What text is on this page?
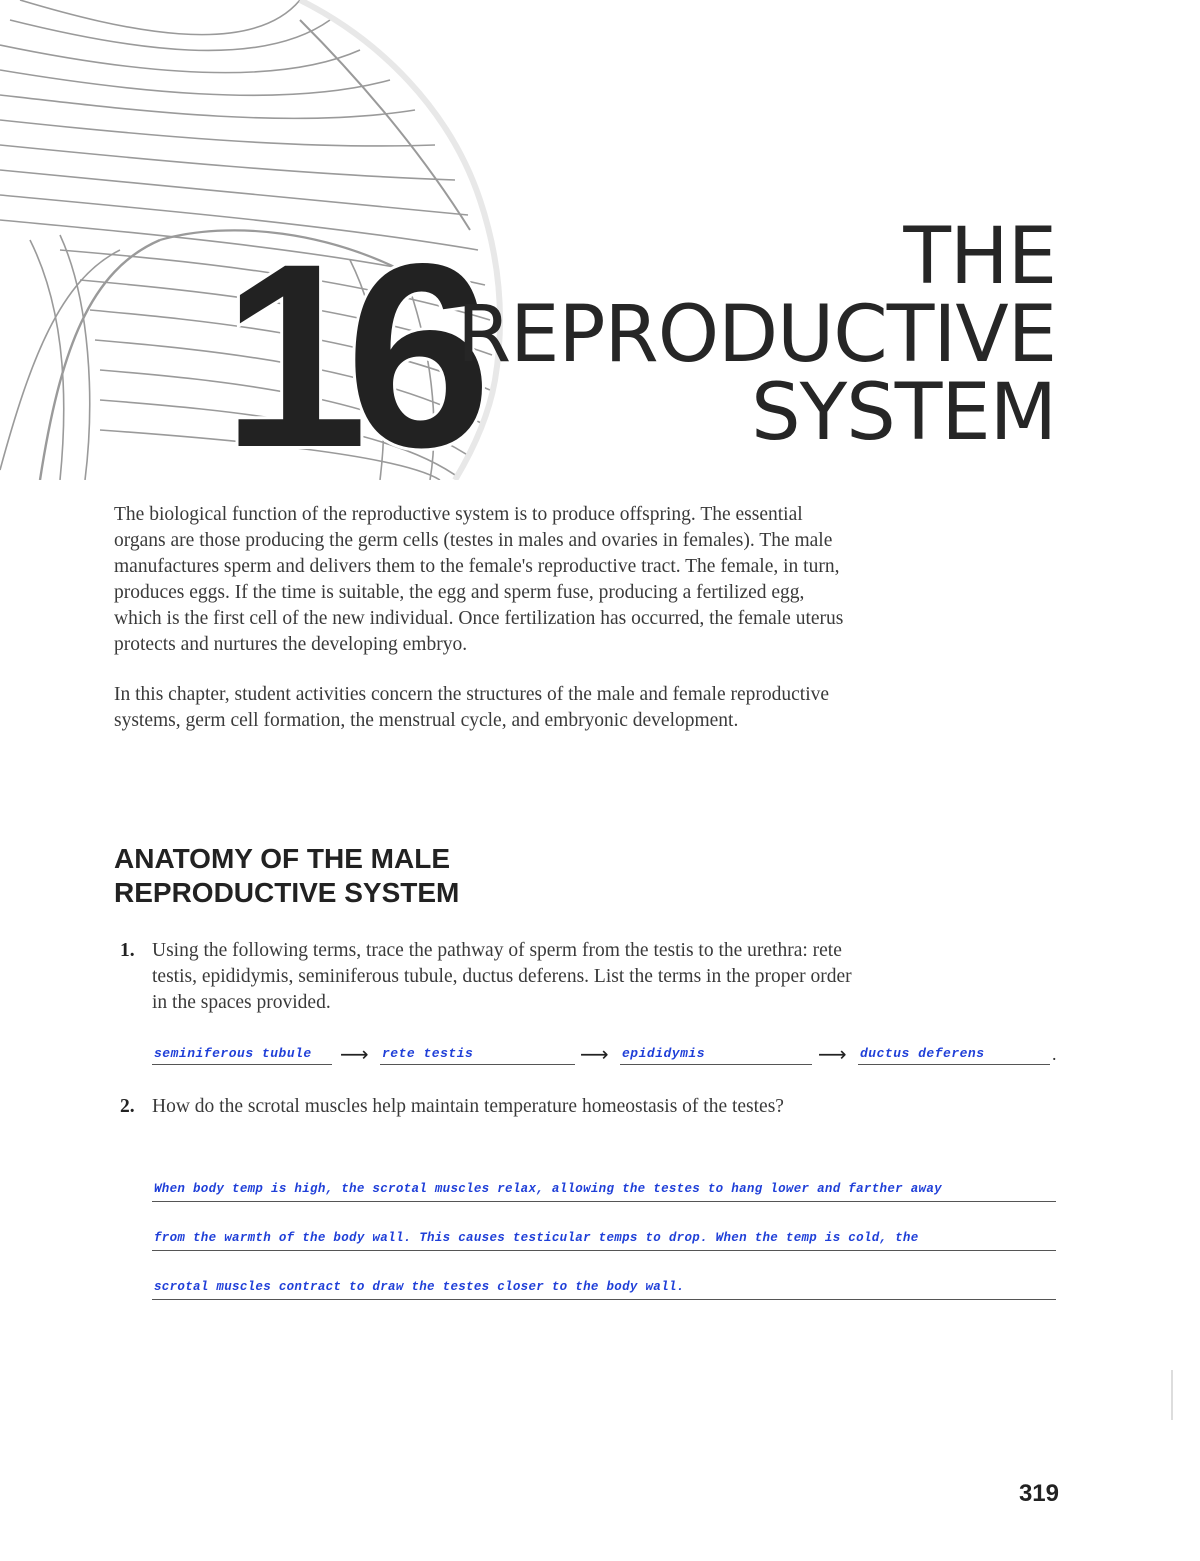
16	THE
REPRODUCTIVE
SYSTEM

The biological function of the reproductive system is to produce offspring. The essential organs are those producing the germ cells (testes in males and ovaries in females). The male manufactures sperm and delivers them to the female's reproductive tract. The female, in turn, produces eggs. If the time is suitable, the egg and sperm fuse, producing a fertilized egg, which is the first cell of the new individual. Once fertilization has occurred, the female uterus protects and nurtures the developing embryo.

In this chapter, student activities concern the structures of the male and female reproductive systems, germ cell formation, the menstrual cycle, and embryonic development.

ANATOMY OF THE MALE
REPRODUCTIVE SYSTEM
1. Using the following terms, trace the pathway of sperm from the testis to the urethra: rete testis, epididymis, seminiferous tubule, ductus deferens. List the terms in the proper order in the spaces provided.
seminiferous tubule	⟶ rete testis	⟶ epididymis	⟶ ductus deferens	.
2. How do the scrotal muscles help maintain temperature homeostasis of the testes?
When body temp is high, the scrotal muscles relax, allowing the testes to hang lower and farther away
from the warmth of the body wall. This causes testicular temps to drop. When the temp is cold, the
scrotal muscles contract to draw the testes closer to the body wall.
319
